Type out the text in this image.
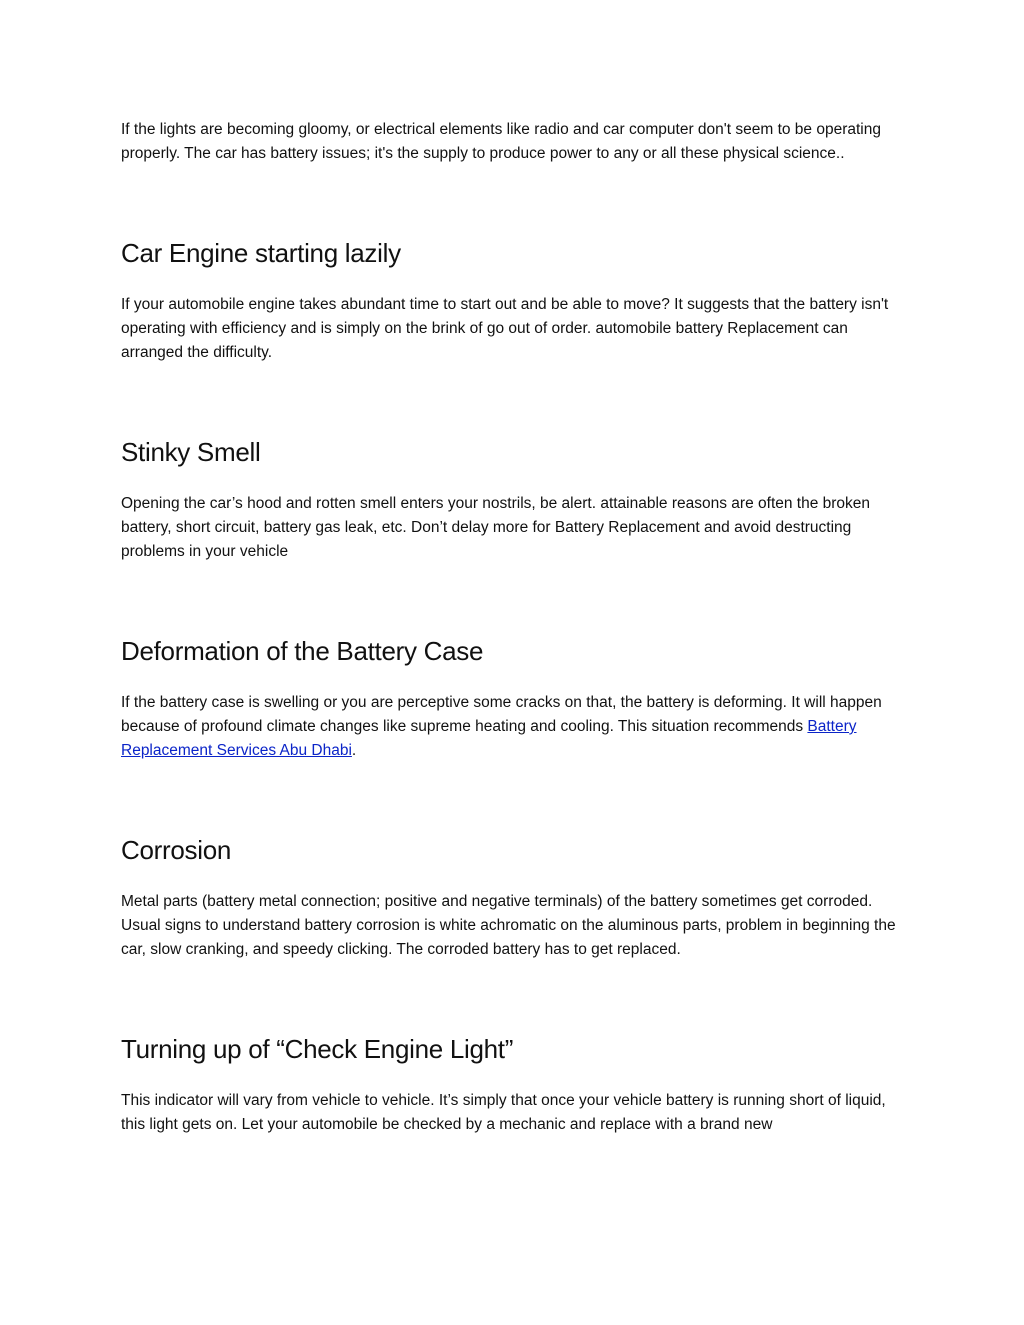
If the lights are becoming gloomy, or electrical elements like radio and car computer don't seem to be operating properly. The car has battery issues; it's the supply to produce power to any or all these physical science..

Car Engine starting lazily

If your automobile engine takes abundant time to start out and be able to move? It suggests that the battery isn't operating with efficiency and is simply on the brink of go out of order. automobile battery Replacement can arranged the difficulty.

Stinky Smell

Opening the car’s hood and rotten smell enters your nostrils, be alert. attainable reasons are often the broken battery, short circuit, battery gas leak, etc. Don’t delay more for Battery Replacement and avoid destructing problems in your vehicle

Deformation of the Battery Case

If the battery case is swelling or you are perceptive some cracks on that, the battery is deforming. It will happen because of profound climate changes like supreme heating and cooling. This situation recommends Battery Replacement Services Abu Dhabi.

Corrosion

Metal parts (battery metal connection; positive and negative terminals) of the battery sometimes get corroded. Usual signs to understand battery corrosion is white achromatic on the aluminous parts, problem in beginning the car, slow cranking, and speedy clicking. The corroded battery has to get replaced.

Turning up of “Check Engine Light”

This indicator will vary from vehicle to vehicle. It’s simply that once your vehicle battery is running short of liquid, this light gets on. Let your automobile be checked by a mechanic and replace with a brand new
